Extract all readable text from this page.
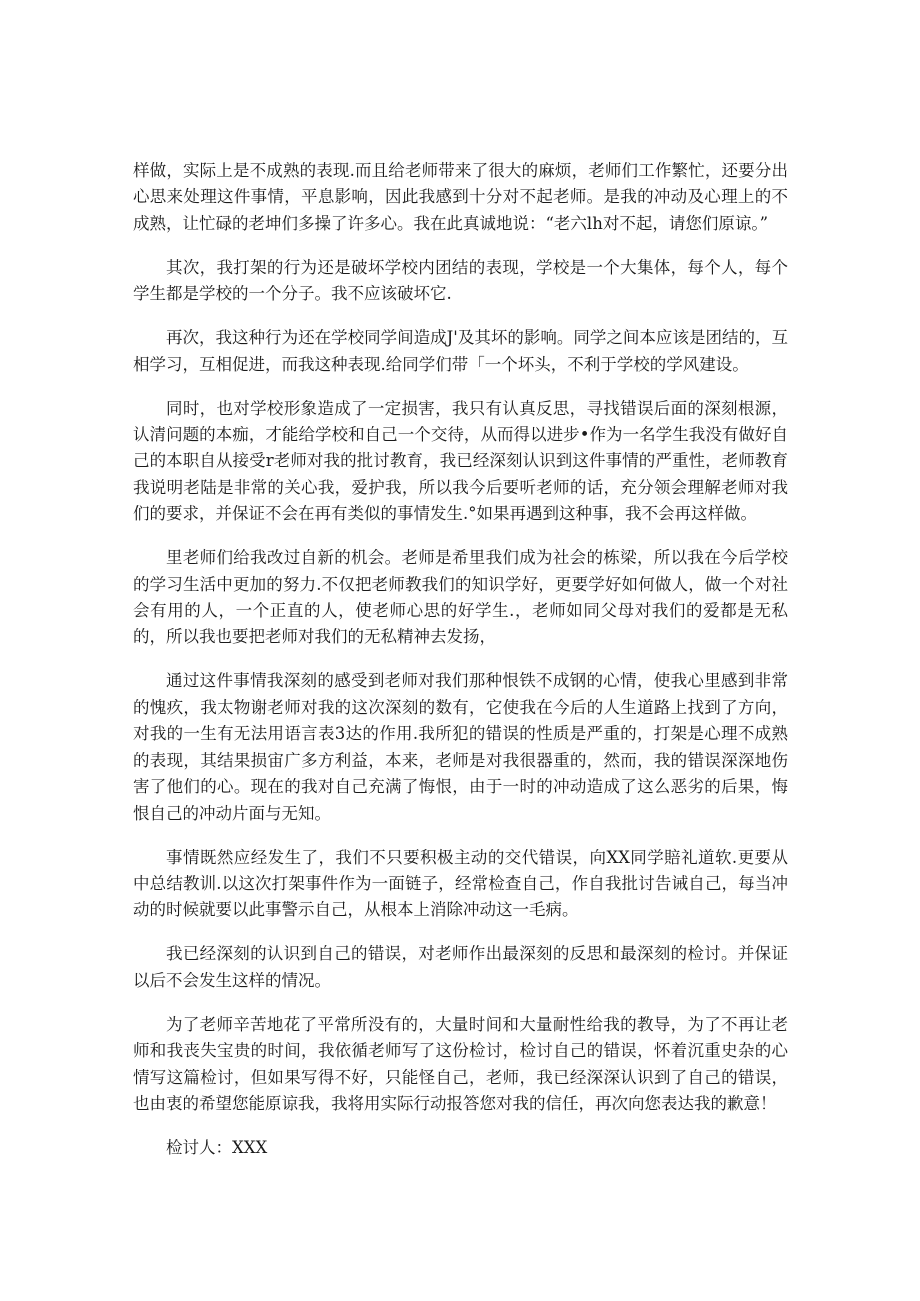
样做，实际上是不成熟的表现.而且给老师带来了很大的麻烦，老师们工作繁忙，还要分出心思来处理这件事情，平息影响，因此我感到十分对不起老师。是我的冲动及心理上的不成熟，让忙碌的老坤们多操了许多心。我在此真诚地说：“老六lh对不起，请您们原谅。”

其次，我打架的行为还是破坏学校内团结的表现，学校是一个大集体，每个人，每个学生都是学校的一个分子。我不应该破坏它.

再次，我这种行为还在学校同学间造成J'及其坏的影响。同学之间本应该是团结的，互相学习，互相促进，而我这种表现.给同学们带「一个坏头，不利于学校的学风建设。

同时，也对学校形象造成了一定损害，我只有认真反思，寻找错误后面的深刻根源，认清问题的本痂，才能给学校和自己一个交待，从而得以进步•作为一名学生我没有做好自己的本职自从接受r老师对我的批讨教育，我已经深刻认识到这件事情的严重性，老师教育我说明老陆是非常的关心我，爱护我，所以我今后要听老师的话，充分领会理解老师对我们的要求，并保证不会在再有类似的事情发生.°如果再遇到这种事，我不会再这样做。

里老师们给我改过自新的机会。老师是希里我们成为社会的栋梁，所以我在今后学校的学习生活中更加的努力.不仅把老师教我们的知识学好，更要学好如何做人，做一个对社会有用的人，一个正直的人，使老师心思的好学生.，老师如同父母对我们的爱都是无私的，所以我也要把老师对我们的无私精神去发扬，

通过这件事情我深刻的感受到老师对我们那种恨铁不成钢的心情，使我心里感到非常的愧疚，我太物谢老师对我的这次深刻的数有，它使我在今后的人生道路上找到了方向，对我的一生有无法用语言表3达的作用.我所犯的错误的性质是严重的，打架是心理不成熟的表现，其结果损宙广多方利益，本来，老师是对我很器重的，然而，我的错误深深地伤害了他们的心。现在的我对自己充满了悔恨，由于一时的冲动造成了这么恶劣的后果，悔恨自己的冲动片面与无知。

事情既然应经发生了，我们不只要积极主动的交代错误，向XX同学賠礼道软.更要从中总结教训.以这次打架事件作为一面链子，经常检查自己，作自我批讨告诫自己，每当冲动的时候就要以此事警示自己，从根本上消除冲动这一毛病。

我已经深刻的认识到自己的错误，对老师作出最深刻的反思和最深刻的检讨。并保证以后不会发生这样的情况。

为了老师辛苦地花了平常所没有的，大量时间和大量耐性给我的教导，为了不再让老师和我丧失宝贵的时间，我依循老师写了这份检讨，检讨自己的错误，怀着沉重史杂的心情写这篇检讨，但如果写得不好，只能怪自己，老师，我已经深深认识到了自己的错误，也由衷的希望您能原谅我，我将用实际行动报答您对我的信任，再次向您表达我的歉意！

检讨人：XXX
